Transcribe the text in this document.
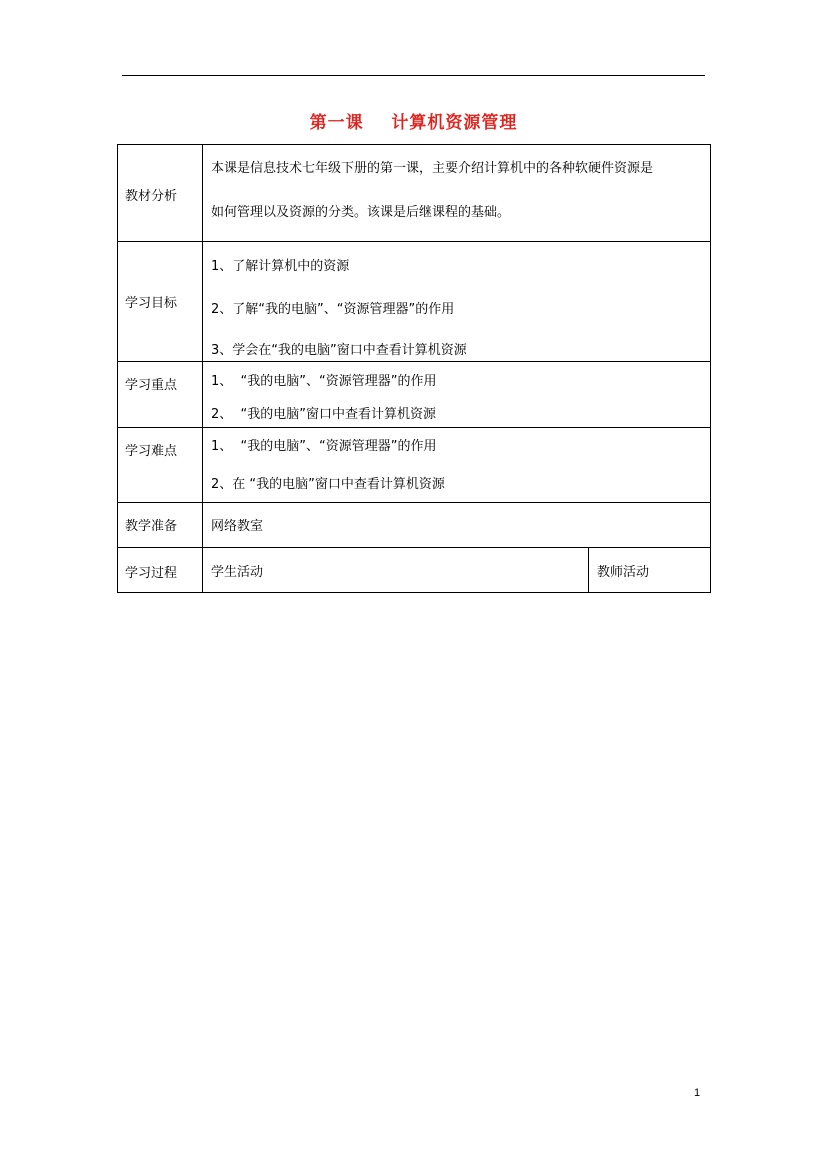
第一课    计算机资源管理
教材分析	本课是信息技术七年级下册的第一课，主要介绍计算机中的各种软硬件资源是
如何管理以及资源的分类。该课是后继课程的基础。	

学习目标	1、了解计算机中的资源
2、了解“我的电脑”、“资源管理器”的作用
3、学会在“我的电脑”窗口中查看计算机资源	

学习重点	1、  “我的电脑”、“资源管理器”的作用
2、  “我的电脑”窗口中查看计算机资源	

学习难点	1、  “我的电脑”、“资源管理器”的作用
2、在 “我的电脑”窗口中查看计算机资源	

教学准备	网络教室	

学习过程	学生活动	教师活动
1
